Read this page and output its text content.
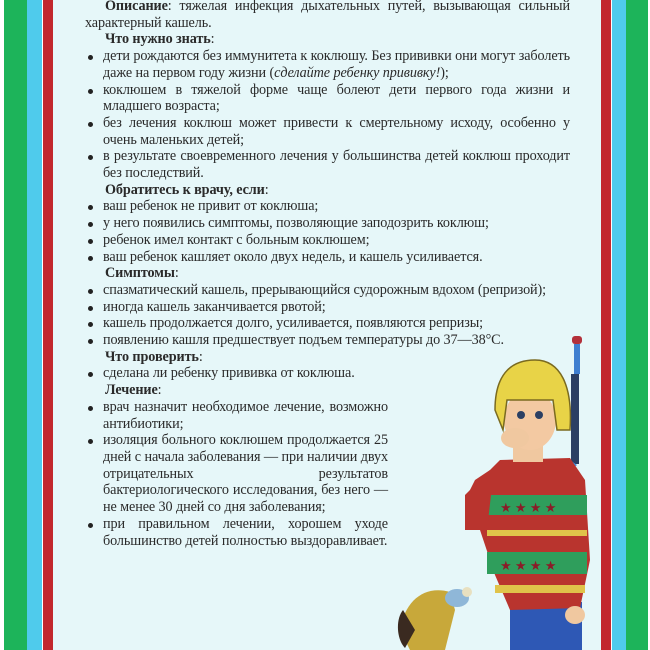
Описание: тяжелая инфекция дыхательных путей, вызывающая сильный характерный кашель.

Что нужно знать:

дети рождаются без иммунитета к коклюшу. Без прививки они могут заболеть даже на первом году жизни (сделайте ребенку прививку!);
коклюшем в тяжелой форме чаще болеют дети первого года жизни и младшего возраста;
без лечения коклюш может привести к смертельному исходу, особенно у очень маленьких детей;
в результате своевременного лечения у большинства детей коклюш проходит без последствий.

Обратитесь к врачу, если:

ваш ребенок не привит от коклюша;
у него появились симптомы, позволяющие заподозрить коклюш;
ребенок имел контакт с больным коклюшем;
ваш ребенок кашляет около двух недель, и кашель усиливается.

Симптомы:

спазматический кашель, прерывающийся судорожным вдохом (репризой);
иногда кашель заканчивается рвотой;
кашель продолжается долго, усиливается, появляются репризы;
появлению кашля предшествует подъем температуры до 37—38°С.

Что проверить:

сделана ли ребенку прививка от коклюша.

Лечение:

врач назначит необходимое лечение, возможно антибиотики;
изоляция больного коклюшем продолжается 25 дней с начала заболевания — при наличии двух отрицательных результатов бактериологического исследования, без него — не менее 30 дней со дня заболевания;
при правильном лечении, хорошем уходе большинство детей полностью выздоравливает.
★ ★ ★ ★
★ ★ ★ ★
